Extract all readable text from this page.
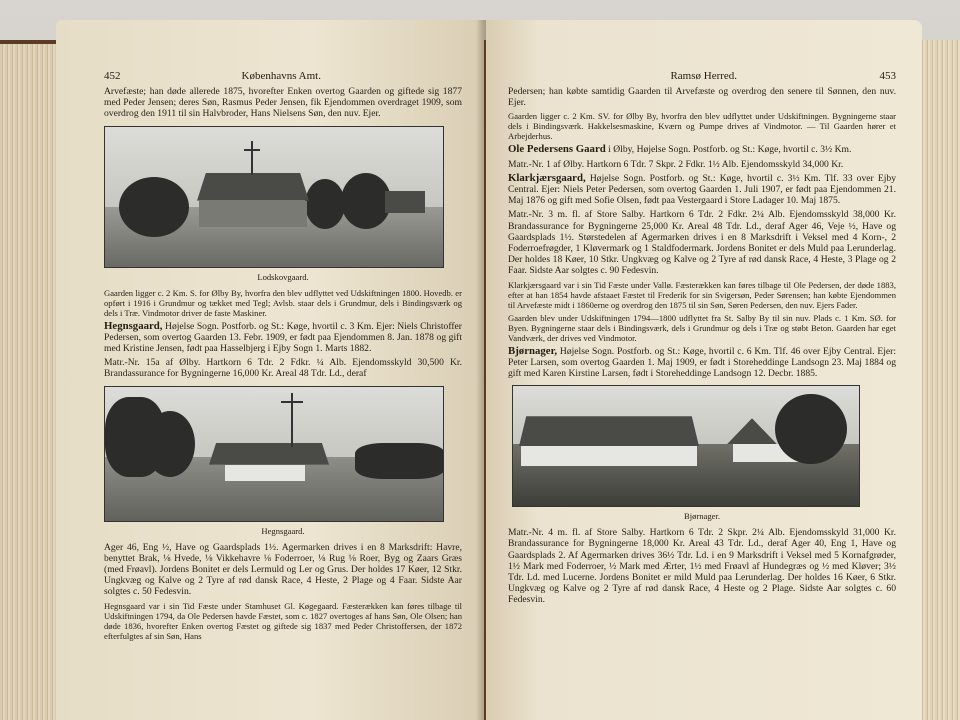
452	Københavns Amt.

Arvefæste; han døde allerede 1875, hvorefter Enken overtog Gaarden og giftede sig 1877 med Peder Jensen; deres Søn, Rasmus Peder Jensen, fik Ejendommen overdraget 1909, som overdrog den 1911 til sin Halvbroder, Hans Nielsens Søn, den nuv. Ejer.

Lodskovgaard.

Gaarden ligger c. 2 Km. S. for Ølby By, hvorfra den blev udflyttet ved Udskiftningen 1800. Hovedb. er opført i 1916 i Grundmur og tækket med Tegl; Avlsb. staar dels i Grundmur, dels i Bindingsværk og dels i Træ. Vindmotor driver de faste Maskiner.

Hegnsgaard, Højelse Sogn. Postforb. og St.: Køge, hvortil c. 3 Km. Ejer: Niels Christoffer Pedersen, som overtog Gaarden 13. Febr. 1909, er født paa Ejendommen 8. Jan. 1878 og gift med Kristine Jensen, født paa Hasselbjerg i Ejby Sogn 1. Marts 1882.

Matr.-Nr. 15a af Ølby. Hartkorn 6 Tdr. 2 Fdkr. ¼ Alb. Ejendomsskyld 30,500 Kr. Brandassurance for Bygningerne 16,000 Kr. Areal 48 Tdr. Ld., deraf

Hegnsgaard.

Ager 46, Eng ½, Have og Gaardsplads 1½. Agermarken drives i en 8 Marksdrift: Havre, benyttet Brak, ⅛ Hvede, ⅛ Vikkehavre ⅛ Foderroer, ⅛ Rug ⅛ Roer, Byg og Zaars Græs (med Frøavl). Jordens Bonitet er dels Lermuld og Ler og Grus. Der holdes 17 Køer, 12 Stkr. Ungkvæg og Kalve og 2 Tyre af rød dansk Race, 4 Heste, 2 Plage og 4 Faar. Sidste Aar solgtes c. 50 Fedesvin.

Hegnsgaard var i sin Tid Fæste under Stamhuset Gl. Køgegaard. Fæsterækken kan føres tilbage til Udskiftningen 1794, da Ole Pedersen havde Fæstet, som c. 1827 overtoges af hans Søn, Ole Olsen; han døde 1836, hvorefter Enken overtog Fæstet og giftede sig 1837 med Peder Christoffersen, der 1872 efterfulgtes af sin Søn, Hans

Ramsø Herred.	453

Pedersen; han købte samtidig Gaarden til Arvefæste og overdrog den senere til Sønnen, den nuv. Ejer.

Gaarden ligger c. 2 Km. SV. for Ølby By, hvorfra den blev udflyttet under Udskiftningen. Bygningerne staar dels i Bindingsværk. Hakkelsesmaskine, Kværn og Pumpe drives af Vindmotor. — Til Gaarden hører et Arbejderhus.

Ole Pedersens Gaard i Ølby, Højelse Sogn. Postforb. og St.: Køge, hvortil c. 3½ Km.

Matr.-Nr. 1 af Ølby. Hartkorn 6 Tdr. 7 Skpr. 2 Fdkr. 1½ Alb. Ejendomsskyld 34,000 Kr.

Klarkjærsgaard, Højelse Sogn. Postforb. og St.: Køge, hvortil c. 3½ Km. Tlf. 33 over Ejby Central. Ejer: Niels Peter Pedersen, som overtog Gaarden 1. Juli 1907, er født paa Ejendommen 21. Maj 1876 og gift med Sofie Olsen, født paa Vestergaard i Store Ladager 10. Maj 1875.

Matr.-Nr. 3 m. fl. af Store Salby. Hartkorn 6 Tdr. 2 Fdkr. 2¼ Alb. Ejendomsskyld 38,000 Kr. Brandassurance for Bygningerne 25,000 Kr. Areal 48 Tdr. Ld., deraf Ager 46, Veje ½, Have og Gaardsplads 1½. Størstedelen af Agermarken drives i en 8 Marksdrift i Veksel med 4 Korn-, 2 Foderroefrøgder, 1 Kløvermark og 1 Staldfodermark. Jordens Bonitet er dels Muld paa Lerunderlag. Der holdes 18 Køer, 10 Stkr. Ungkvæg og Kalve og 2 Tyre af rød dansk Race, 4 Heste, 3 Plage og 2 Faar. Sidste Aar solgtes c. 90 Fedesvin.

Klarkjærsgaard var i sin Tid Fæste under Vallø. Fæsterækken kan føres tilbage til Ole Pedersen, der døde 1883, efter at han 1854 havde afstaaet Fæstet til Frederik for sin Svigersøn, Peder Sørensen; han købte Ejendommen til Arvefæste midt i 1860erne og overdrog den 1875 til sin Søn, Søren Pedersen, den nuv. Ejers Fader.

Gaarden blev under Udskiftningen 1794—1800 udflyttet fra St. Salby By til sin nuv. Plads c. 1 Km. SØ. for Byen. Bygningerne staar dels i Bindingsværk, dels i Grundmur og dels i Træ og støbt Beton. Gaarden har eget Vandværk, der drives ved Vindmotor.

Bjørnager, Højelse Sogn. Postforb. og St.: Køge, hvortil c. 6 Km. Tlf. 46 over Ejby Central. Ejer: Peter Larsen, som overtog Gaarden 1. Maj 1909, er født i Storeheddinge Landsogn 23. Maj 1884 og gift med Karen Kirstine Larsen, født i Storeheddinge Landsogn 12. Decbr. 1885.

Bjørnager.

Matr.-Nr. 4 m. fl. af Store Salby. Hartkorn 6 Tdr. 2 Skpr. 2¼ Alb. Ejendomsskyld 31,000 Kr. Brandassurance for Bygningerne 18,000 Kr. Areal 43 Tdr. Ld., deraf Ager 40, Eng 1, Have og Gaardsplads 2. Af Agermarken drives 36½ Tdr. Ld. i en 9 Marksdrift i Veksel med 5 Kornafgrøder, 1½ Mark med Foderroer, ½ Mark med Ærter, 1½ med Frøavl af Hundegræs og ½ med Kløver; 3½ Tdr. Ld. med Lucerne. Jordens Bonitet er mild Muld paa Lerunderlag. Der holdes 16 Køer, 6 Stkr. Ungkvæg og Kalve og 2 Tyre af rød dansk Race, 4 Heste og 2 Plage. Sidste Aar solgtes c. 60 Fedesvin.
